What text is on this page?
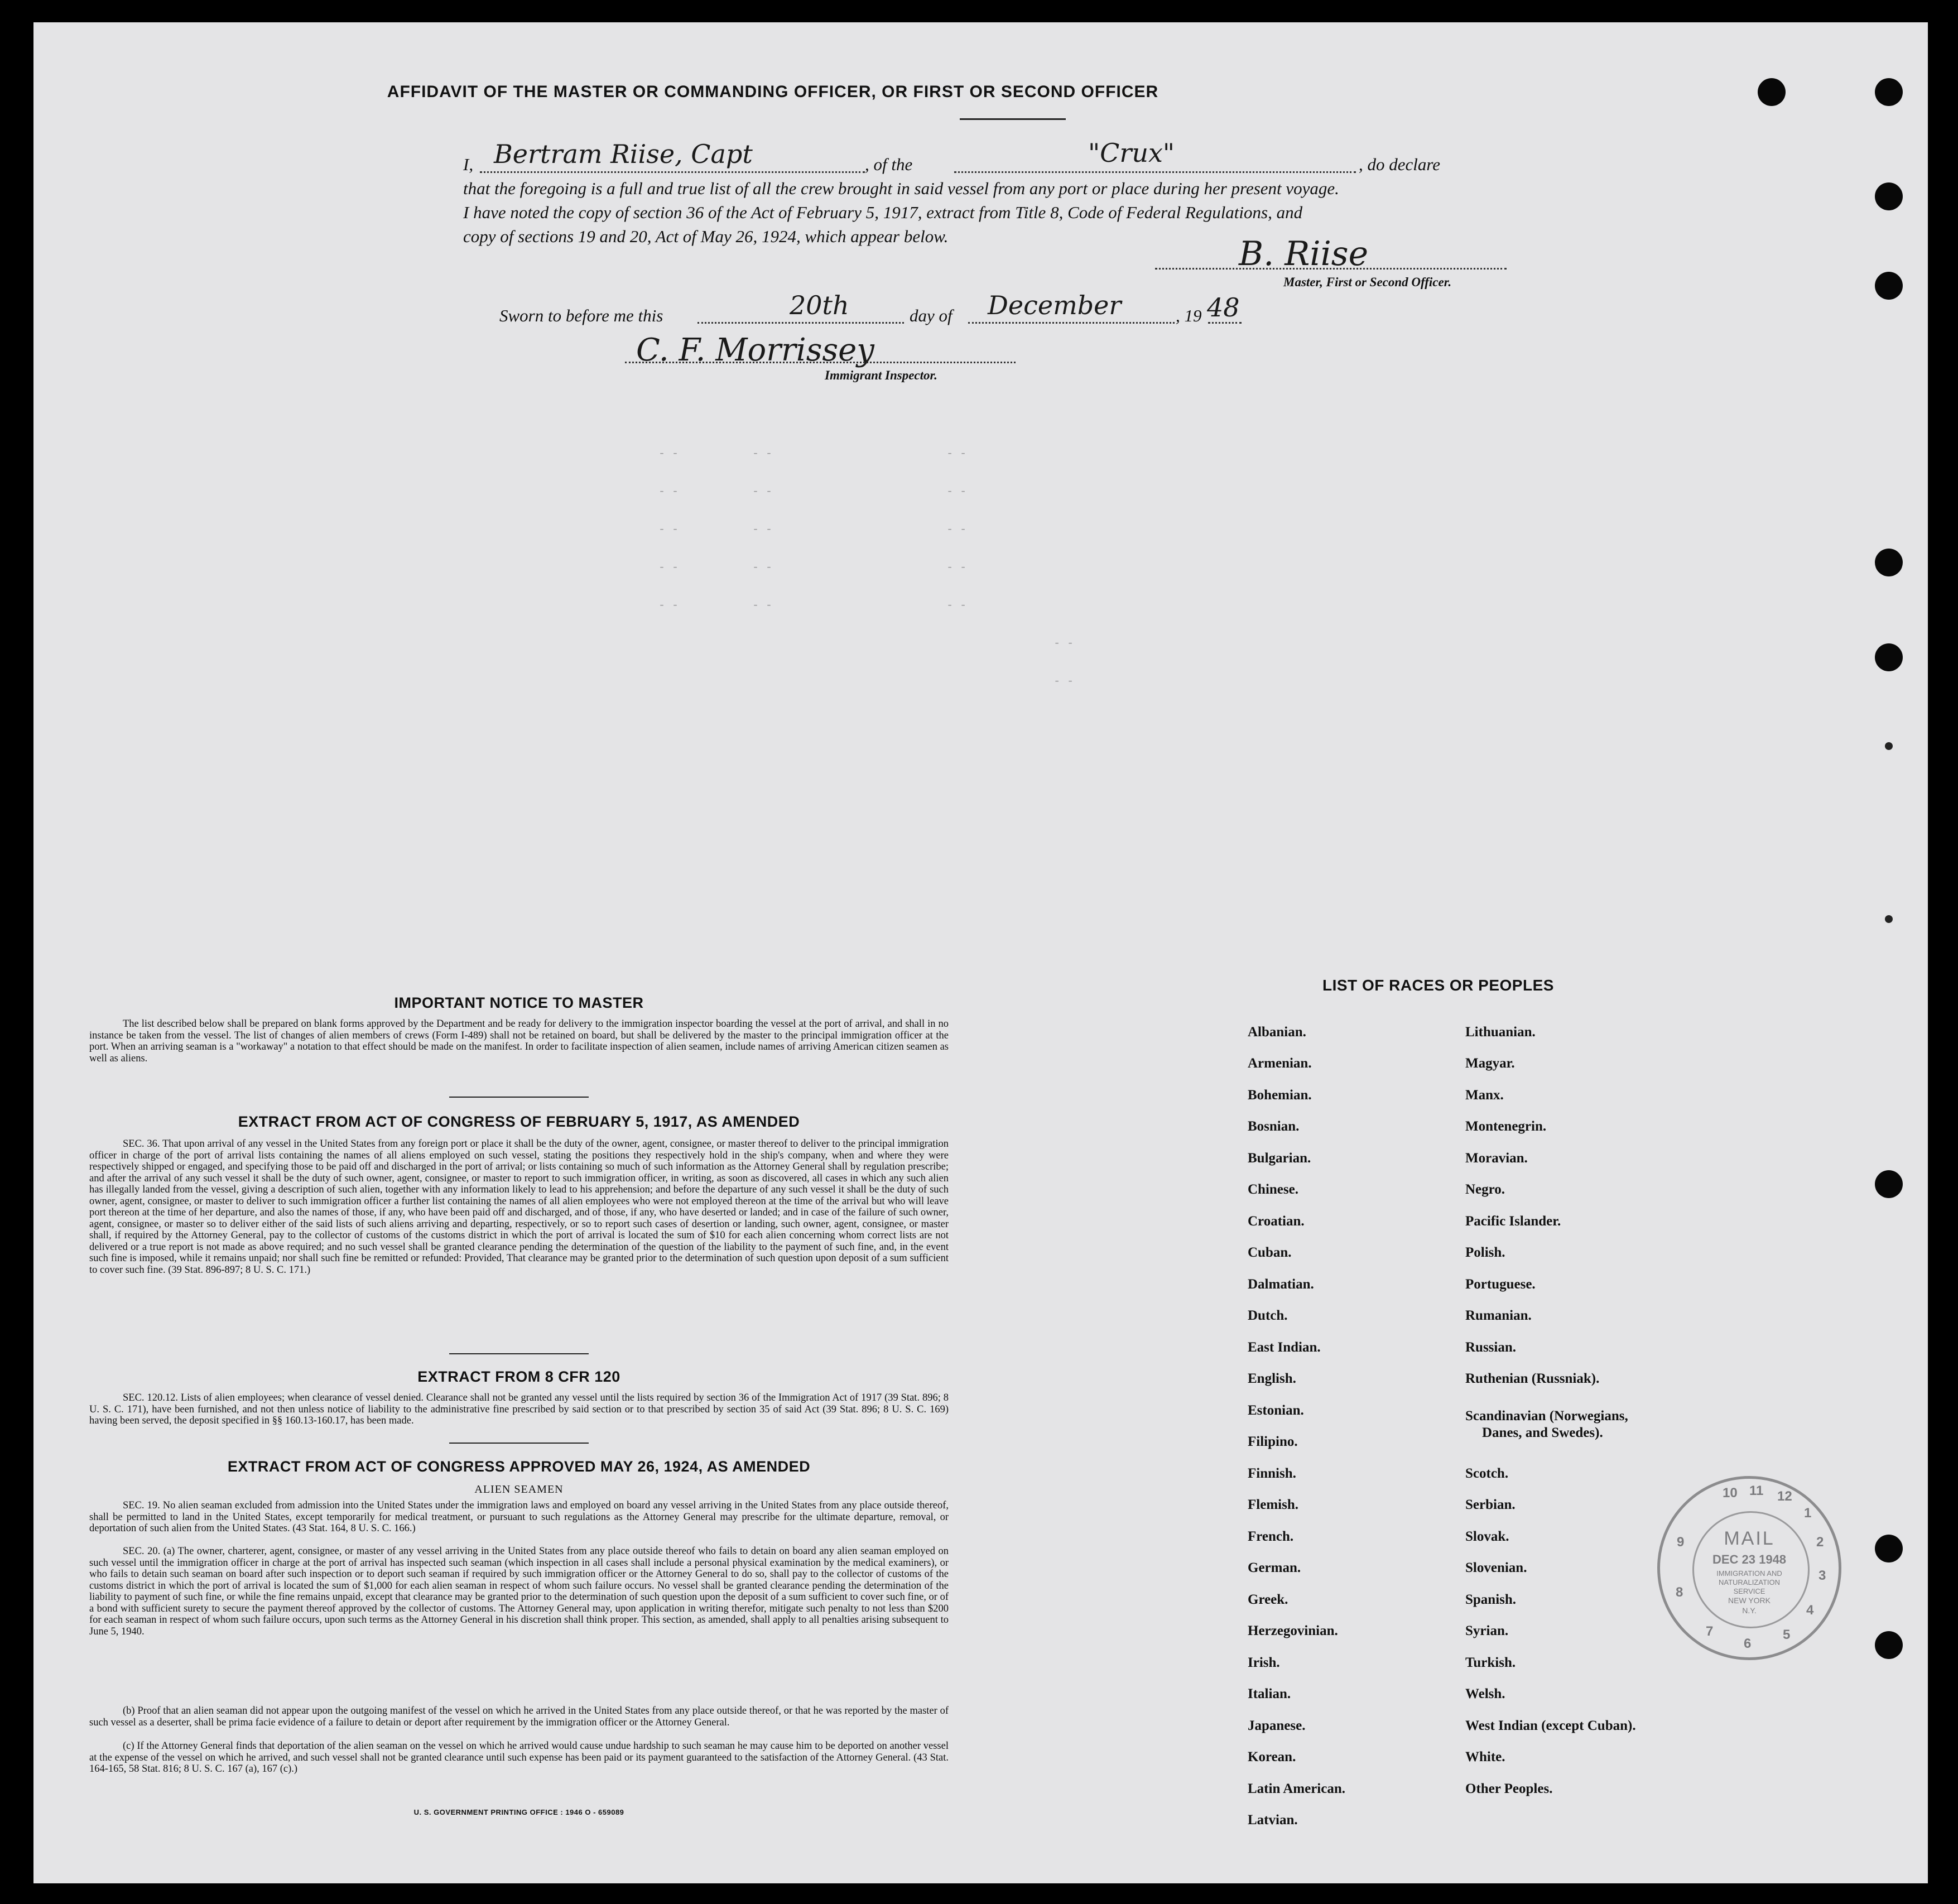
AFFIDAVIT OF THE MASTER OR COMMANDING OFFICER, OR FIRST OR SECOND OFFICER
I, Bertram Riise, Capt	, of the	"Crux"	, do declare
that the foregoing is a full and true list of all the crew brought in said vessel from any port or place during her present voyage.
I have noted the copy of section 36 of the Act of February 5, 1917, extract from Title 8, Code of Federal Regulations, and
copy of sections 19 and 20, Act of May 26, 1924, which appear below.	B. Riise
Master, First or Second Officer.
Sworn to before me this	20th	day of December	, 19 48
C. F. Morrissey
Immigrant Inspector.
- -           - -                          - -
- -           - -                          - -
- -           - -                          - -
- -           - -                          - -
- -           - -                          - -
- -
- -
IMPORTANT NOTICE TO MASTER
The list described below shall be prepared on blank forms approved by the Department and be ready for delivery to the immigration inspector boarding the vessel at the port of arrival, and shall in no instance be taken from the vessel. The list of changes of alien members of crews (Form I-489) shall not be retained on board, but shall be delivered by the master to the principal immigration officer at the port. When an arriving seaman is a "workaway" a notation to that effect should be made on the manifest. In order to facilitate inspection of alien seamen, include names of arriving American citizen seamen as well as aliens.
EXTRACT FROM ACT OF CONGRESS OF FEBRUARY 5, 1917, AS AMENDED
SEC. 36. That upon arrival of any vessel in the United States from any foreign port or place it shall be the duty of the owner, agent, consignee, or master thereof to deliver to the principal immigration officer in charge of the port of arrival lists containing the names of all aliens employed on such vessel, stating the positions they respectively hold in the ship's company, when and where they were respectively shipped or engaged, and specifying those to be paid off and discharged in the port of arrival; or lists containing so much of such information as the Attorney General shall by regulation prescribe; and after the arrival of any such vessel it shall be the duty of such owner, agent, consignee, or master to report to such immigration officer, in writing, as soon as discovered, all cases in which any such alien has illegally landed from the vessel, giving a description of such alien, together with any information likely to lead to his apprehension; and before the departure of any such vessel it shall be the duty of such owner, agent, consignee, or master to deliver to such immigration officer a further list containing the names of all alien employees who were not employed thereon at the time of the arrival but who will leave port thereon at the time of her departure, and also the names of those, if any, who have been paid off and discharged, and of those, if any, who have deserted or landed; and in case of the failure of such owner, agent, consignee, or master so to deliver either of the said lists of such aliens arriving and departing, respectively, or so to report such cases of desertion or landing, such owner, agent, consignee, or master shall, if required by the Attorney General, pay to the collector of customs of the customs district in which the port of arrival is located the sum of $10 for each alien concerning whom correct lists are not delivered or a true report is not made as above required; and no such vessel shall be granted clearance pending the determination of the question of the liability to the payment of such fine, and, in the event such fine is imposed, while it remains unpaid; nor shall such fine be remitted or refunded: Provided, That clearance may be granted prior to the determination of such question upon deposit of a sum sufficient to cover such fine. (39 Stat. 896-897; 8 U. S. C. 171.)
EXTRACT FROM 8 CFR 120
SEC. 120.12. Lists of alien employees; when clearance of vessel denied. Clearance shall not be granted any vessel until the lists required by section 36 of the Immigration Act of 1917 (39 Stat. 896; 8 U. S. C. 171), have been furnished, and not then unless notice of liability to the administrative fine prescribed by said section or to that prescribed by section 35 of said Act (39 Stat. 896; 8 U. S. C. 169) having been served, the deposit specified in §§ 160.13-160.17, has been made.
EXTRACT FROM ACT OF CONGRESS APPROVED MAY 26, 1924, AS AMENDED
ALIEN SEAMEN
SEC. 19. No alien seaman excluded from admission into the United States under the immigration laws and employed on board any vessel arriving in the United States from any place outside thereof, shall be permitted to land in the United States, except temporarily for medical treatment, or pursuant to such regulations as the Attorney General may prescribe for the ultimate departure, removal, or deportation of such alien from the United States. (43 Stat. 164, 8 U. S. C. 166.)
SEC. 20. (a) The owner, charterer, agent, consignee, or master of any vessel arriving in the United States from any place outside thereof who fails to detain on board any alien seaman employed on such vessel until the immigration officer in charge at the port of arrival has inspected such seaman (which inspection in all cases shall include a personal physical examination by the medical examiners), or who fails to detain such seaman on board after such inspection or to deport such seaman if required by such immigration officer or the Attorney General to do so, shall pay to the collector of customs of the customs district in which the port of arrival is located the sum of $1,000 for each alien seaman in respect of whom such failure occurs. No vessel shall be granted clearance pending the determination of the liability to payment of such fine, or while the fine remains unpaid, except that clearance may be granted prior to the determination of such question upon the deposit of a sum sufficient to cover such fine, or of a bond with sufficient surety to secure the payment thereof approved by the collector of customs. The Attorney General may, upon application in writing therefor, mitigate such penalty to not less than $200 for each seaman in respect of whom such failure occurs, upon such terms as the Attorney General in his discretion shall think proper. This section, as amended, shall apply to all penalties arising subsequent to June 5, 1940.
(b) Proof that an alien seaman did not appear upon the outgoing manifest of the vessel on which he arrived in the United States from any place outside thereof, or that he was reported by the master of such vessel as a deserter, shall be prima facie evidence of a failure to detain or deport after requirement by the immigration officer or the Attorney General.
(c) If the Attorney General finds that deportation of the alien seaman on the vessel on which he arrived would cause undue hardship to such seaman he may cause him to be deported on another vessel at the expense of the vessel on which he arrived, and such vessel shall not be granted clearance until such expense has been paid or its payment guaranteed to the satisfaction of the Attorney General. (43 Stat. 164-165, 58 Stat. 816; 8 U. S. C. 167 (a), 167 (c).)
U. S. GOVERNMENT PRINTING OFFICE : 1946 O - 659089
LIST OF RACES OR PEOPLES
Albanian.
Armenian.
Bohemian.
Bosnian.
Bulgarian.
Chinese.
Croatian.
Cuban.
Dalmatian.
Dutch.
East Indian.
English.
Estonian.
Filipino.
Finnish.
Flemish.
French.
German.
Greek.
Herzegovinian.
Irish.
Italian.
Japanese.
Korean.
Latin American.
Latvian.
Lithuanian.
Magyar.
Manx.
Montenegrin.
Moravian.
Negro.
Pacific Islander.
Polish.
Portuguese.
Rumanian.
Russian.
Ruthenian (Russniak).
Scandinavian (Norwegians,
Danes, and Swedes).
Scotch.
Serbian.
Slovak.
Slovenian.
Spanish.
Syrian.
Turkish.
Welsh.
West Indian (except Cuban).
White.
Other Peoples.
10 11 12
1
2
3
4
5
6
7
8
9	MAIL
DEC 23 1948
IMMIGRATION AND
NATURALIZATION
SERVICE
NEW YORK
N.Y.
